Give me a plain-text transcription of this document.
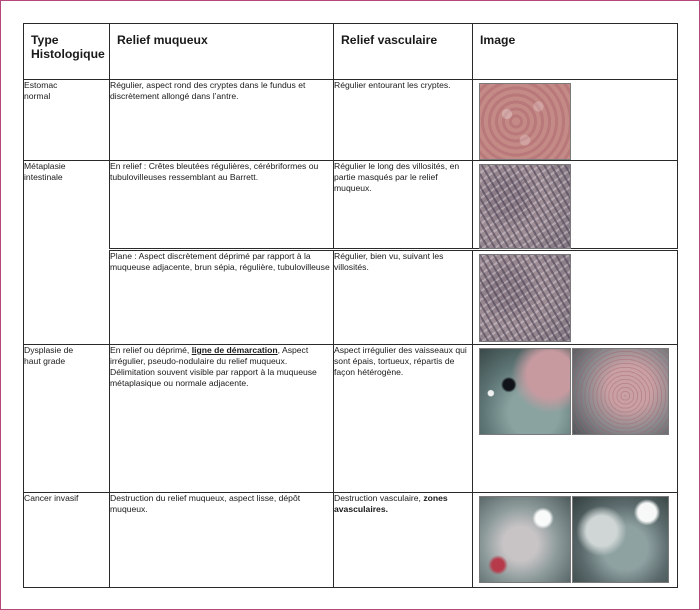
Type Histologique	Relief muqueux	Relief vasculaire	Image

Estomac normal	Régulier, aspect rond des cryptes dans le fundus et discrètement allongé dans l’antre.	Régulier entourant les cryptes.	

Métaplasie intestinale	En relief : Crêtes bleutées régulières, cérébriformes ou tubulovilleuses ressemblant au Barrett.	Régulier le long des villosités, en partie masqués par le relief muqueux.	

	Plane : Aspect discrètement déprimé par rapport à la muqueuse adjacente, brun sépia, régulière, tubulovilleuse	Régulier, bien vu, suivant les villosités.	

Dysplasie de haut grade	En relief ou déprimé, ligne de démarcation, Aspect irrégulier, pseudo-nodulaire du relief muqueux. Délimitation souvent visible par rapport à la muqueuse métaplasique ou normale adjacente.	Aspect irrégulier des vaisseaux qui sont épais, tortueux, répartis de façon hétérogène.	

Cancer invasif	Destruction du relief muqueux, aspect lisse, dépôt muqueux.	Destruction vasculaire, zones avasculaires.	
